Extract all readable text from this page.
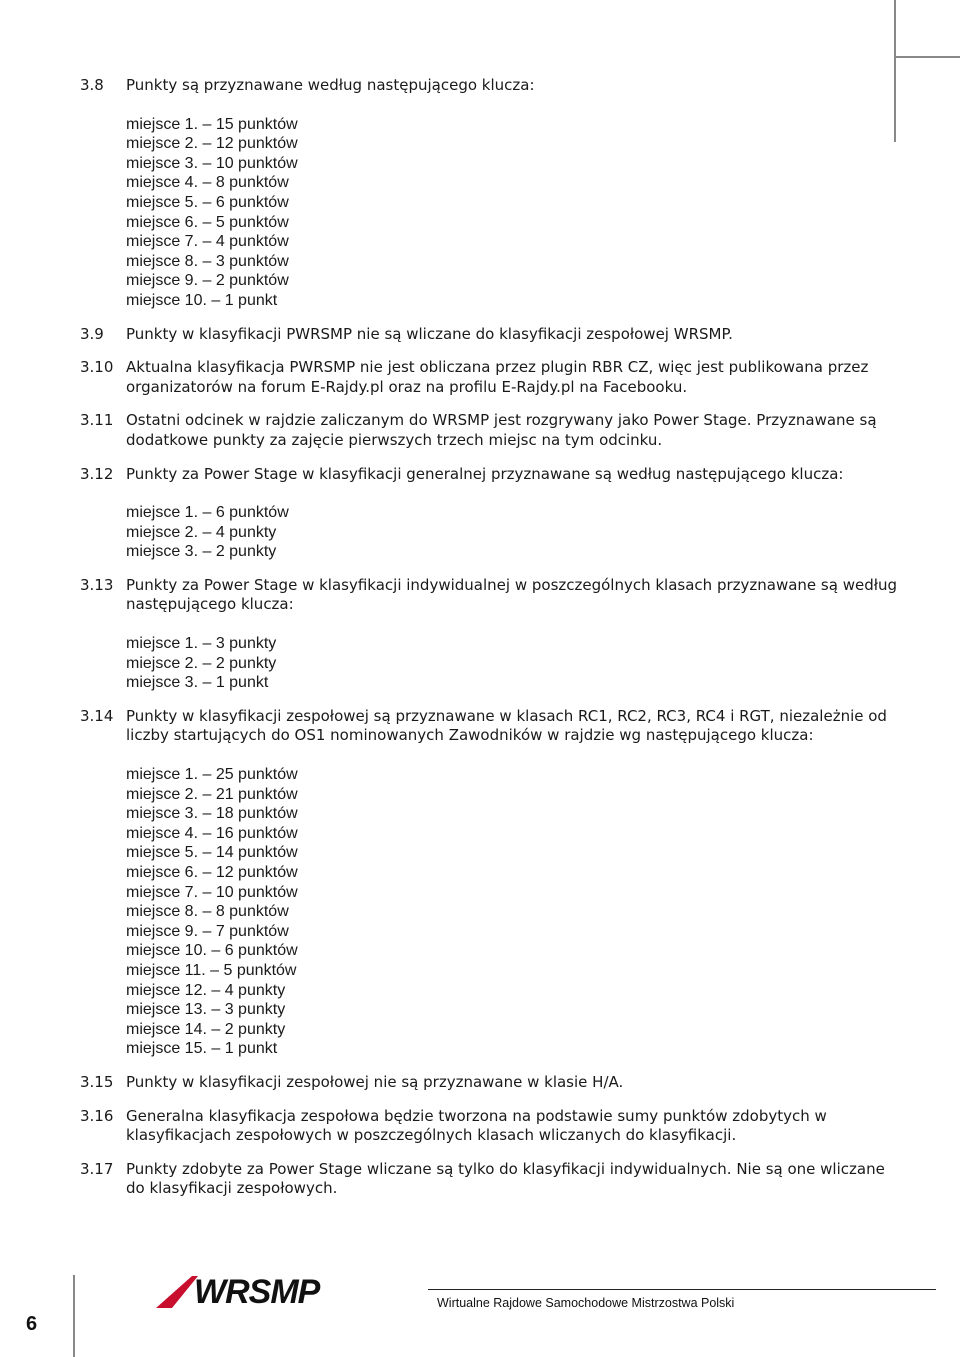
3.8	Punkty są przyznawane według następującego klucza:
miejsce 1. – 15 punktów
miejsce 2. – 12 punktów
miejsce 3. – 10 punktów
miejsce 4. – 8 punktów
miejsce 5. – 6 punktów
miejsce 6. – 5 punktów
miejsce 7. – 4 punktów
miejsce 8. – 3 punktów
miejsce 9. – 2 punktów
miejsce 10. – 1 punkt
3.9	Punkty w klasyfikacji PWRSMP nie są wliczane do klasyfikacji zespołowej WRSMP.
3.10 Aktualna klasyfikacja PWRSMP nie jest obliczana przez plugin RBR CZ, więc jest publikowana przez organizatorów na forum E-Rajdy.pl oraz na profilu E-Rajdy.pl na Facebooku.
3.11 Ostatni odcinek w rajdzie zaliczanym do WRSMP jest rozgrywany jako Power Stage. Przyznawane są dodatkowe punkty za zajęcie pierwszych trzech miejsc na tym odcinku.
3.12 Punkty za Power Stage w klasyfikacji generalnej przyznawane są według następującego klucza:
miejsce 1. – 6 punktów
miejsce 2. – 4 punkty
miejsce 3. – 2 punkty
3.13 Punkty za Power Stage w klasyfikacji indywidualnej w poszczególnych klasach przyznawane są według następującego klucza:
miejsce 1. – 3 punkty
miejsce 2. – 2 punkty
miejsce 3. – 1 punkt
3.14 Punkty w klasyfikacji zespołowej są przyznawane w klasach RC1, RC2, RC3, RC4 i RGT, niezależnie od liczby startujących do OS1 nominowanych Zawodników w rajdzie wg następującego klucza:
miejsce 1. – 25 punktów
miejsce 2. – 21 punktów
miejsce 3. – 18 punktów
miejsce 4. – 16 punktów
miejsce 5. – 14 punktów
miejsce 6. – 12 punktów
miejsce 7. – 10 punktów
miejsce 8. – 8 punktów
miejsce 9. – 7 punktów
miejsce 10. – 6 punktów
miejsce 11. – 5 punktów
miejsce 12. – 4 punkty
miejsce 13. – 3 punkty
miejsce 14. – 2 punkty
miejsce 15. – 1 punkt
3.15 Punkty w klasyfikacji zespołowej nie są przyznawane w klasie H/A.
3.16 Generalna klasyfikacja zespołowa będzie tworzona na podstawie sumy punktów zdobytych w klasyfikacjach zespołowych w poszczególnych klasach wliczanych do klasyfikacji.
3.17 Punkty zdobyte za Power Stage wliczane są tylko do klasyfikacji indywidualnych. Nie są one wliczane do klasyfikacji zespołowych.
WRSMP	Wirtualne Rajdowe Samochodowe Mistrzostwa Polski
6
